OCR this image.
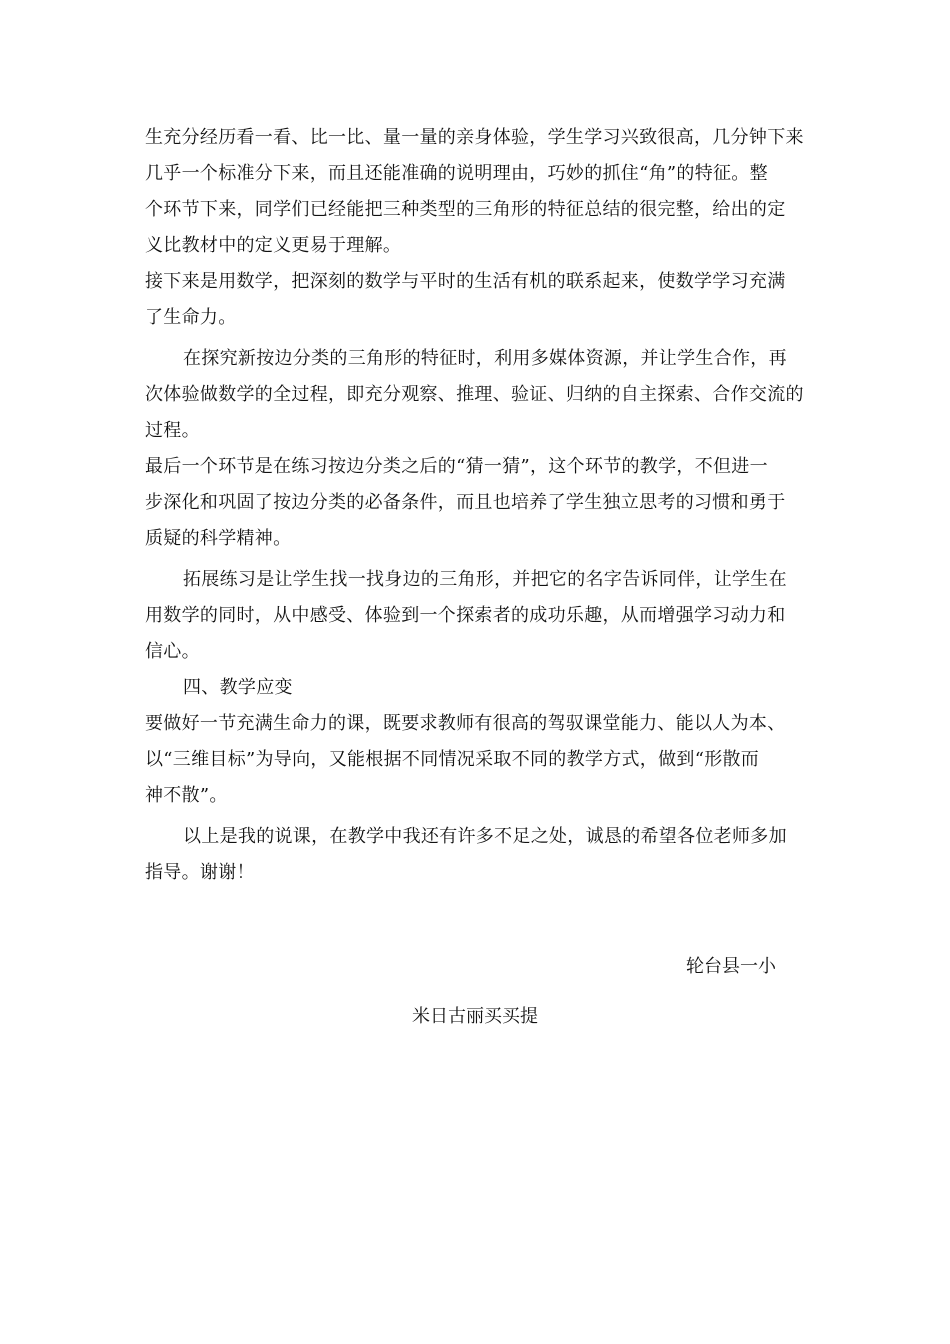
生充分经历看一看、比一比、量一量的亲身体验，学生学习兴致很高，几分钟下来
几乎一个标准分下来，而且还能准确的说明理由，巧妙的抓住“角”的特征。整
个环节下来，同学们已经能把三种类型的三角形的特征总结的很完整，给出的定
义比教材中的定义更易于理解。
接下来是用数学，把深刻的数学与平时的生活有机的联系起来，使数学学习充满
了生命力。
在探究新按边分类的三角形的特征时，利用多媒体资源，并让学生合作，再
次体验做数学的全过程，即充分观察、推理、验证、归纳的自主探索、合作交流的
过程。
最后一个环节是在练习按边分类之后的“猜一猜”，这个环节的教学，不但进一
步深化和巩固了按边分类的必备条件，而且也培养了学生独立思考的习惯和勇于
质疑的科学精神。
拓展练习是让学生找一找身边的三角形，并把它的名字告诉同伴，让学生在
用数学的同时，从中感受、体验到一个探索者的成功乐趣，从而增强学习动力和
信心。
四、教学应变
要做好一节充满生命力的课，既要求教师有很高的驾驭课堂能力、能以人为本、
以“三维目标”为导向，又能根据不同情况采取不同的教学方式，做到“形散而
神不散”。
以上是我的说课，在教学中我还有许多不足之处，诚恳的希望各位老师多加
指导。谢谢！
轮台县一小
米日古丽买买提
